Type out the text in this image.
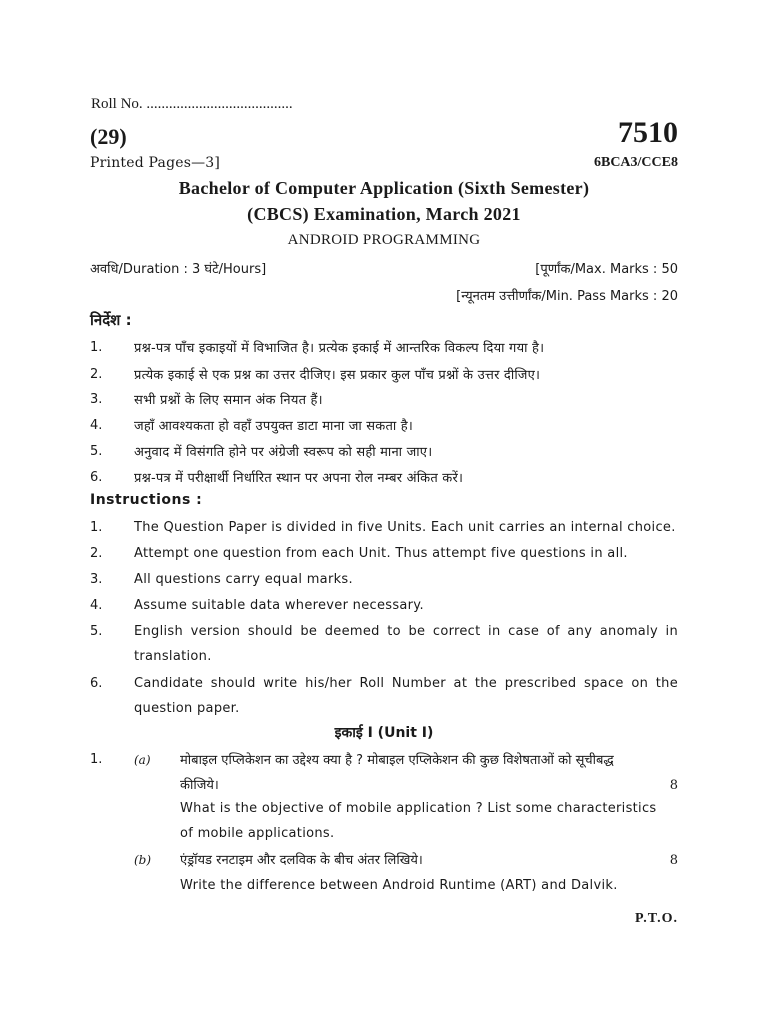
Roll No. .......................................
(29)	7510
Printed Pages—3]	6BCA3/CCE8
Bachelor of Computer Application (Sixth Semester)
(CBCS) Examination, March 2021
ANDROID PROGRAMMING
अवधि/Duration : 3 घंटे/Hours]	[पूर्णांक/Max. Marks : 50
[न्यूनतम उत्तीर्णांक/Min. Pass Marks : 20
निर्देश :
1. प्रश्न-पत्र पाँच इकाइयों में विभाजित है। प्रत्येक इकाई में आन्तरिक विकल्प दिया गया है।
2. प्रत्येक इकाई से एक प्रश्न का उत्तर दीजिए। इस प्रकार कुल पाँच प्रश्नों के उत्तर दीजिए।
3. सभी प्रश्नों के लिए समान अंक नियत हैं।
4. जहाँ आवश्यकता हो वहाँ उपयुक्त डाटा माना जा सकता है।
5. अनुवाद में विसंगति होने पर अंग्रेजी स्वरूप को सही माना जाए।
6. प्रश्न-पत्र में परीक्षार्थी निर्धारित स्थान पर अपना रोल नम्बर अंकित करें।
Instructions :
1. The Question Paper is divided in five Units. Each unit carries an internal choice.
2. Attempt one question from each Unit. Thus attempt five questions in all.
3. All questions carry equal marks.
4. Assume suitable data wherever necessary.
5. English version should be deemed to be correct in case of any anomaly in translation.
6. Candidate should write his/her Roll Number at the prescribed space on the question paper.
इकाई I (Unit I)
1.	(a) मोबाइल एप्लिकेशन का उद्देश्य क्या है ? मोबाइल एप्लिकेशन की कुछ विशेषताओं को सूचीबद्ध
कीजिये।	8
What is the objective of mobile application ? List some characteristics
of mobile applications.
(b) एंड्रॉयड रनटाइम और दलविक के बीच अंतर लिखिये।	8
Write the difference between Android Runtime (ART) and Dalvik.
P.T.O.
